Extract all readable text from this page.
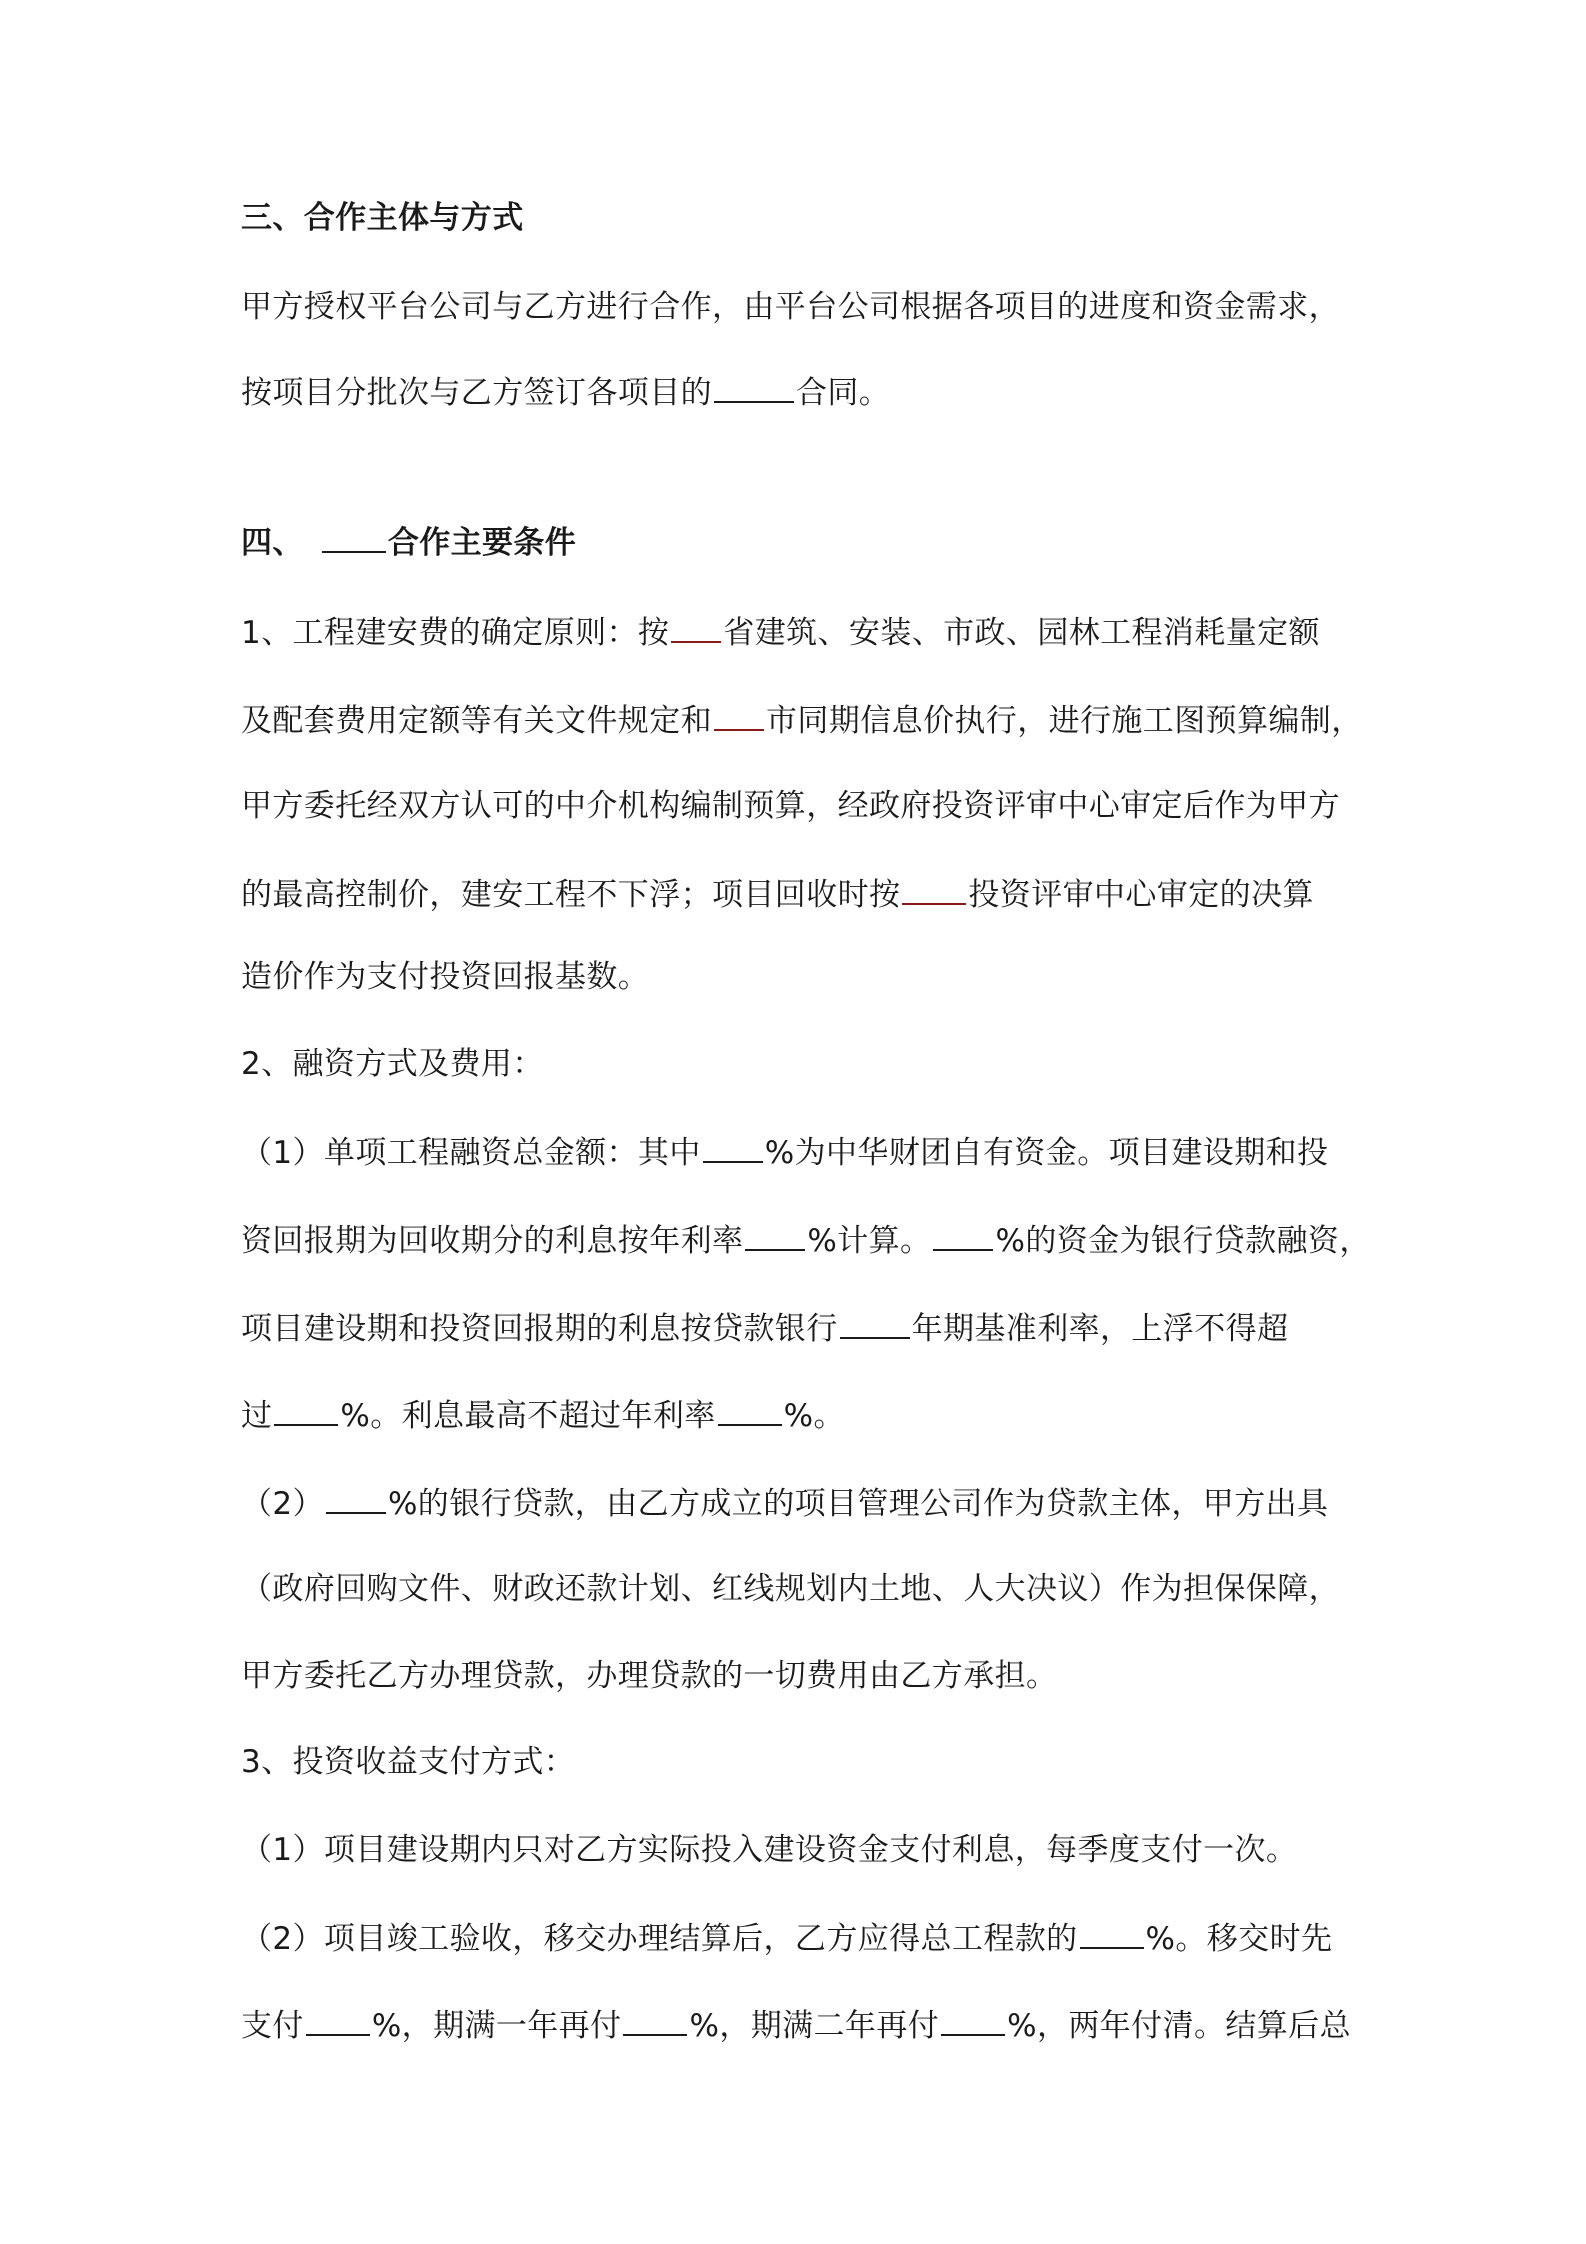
三、合作主体与方式
甲方授权平台公司与乙方进行合作，由平台公司根据各项目的进度和资金需求，
按项目分批次与乙方签订各项目的	合同。
四、	合作主要条件
1、工程建安费的确定原则：按 省建筑、安装、市政、园林工程消耗量定额
及配套费用定额等有关文件规定和 市同期信息价执行，进行施工图预算编制，
甲方委托经双方认可的中介机构编制预算，经政府投资评审中心审定后作为甲方
的最高控制价，建安工程不下浮；项目回收时按 投资评审中心审定的决算
造价作为支付投资回报基数。
2、融资方式及费用：
（1）单项工程融资总金额：其中 %为中华财团自有资金。项目建设期和投
资回报期为回收期分的利息按年利率 %计算。 %的资金为银行贷款融资，
项目建设期和投资回报期的利息按贷款银行 年期基准利率，上浮不得超
过 %。利息最高不超过年利率 %。
（2） %的银行贷款，由乙方成立的项目管理公司作为贷款主体，甲方出具
（政府回购文件、财政还款计划、红线规划内土地、人大决议）作为担保保障，
甲方委托乙方办理贷款，办理贷款的一切费用由乙方承担。
3、投资收益支付方式：
（1）项目建设期内只对乙方实际投入建设资金支付利息，每季度支付一次。
（2）项目竣工验收，移交办理结算后，乙方应得总工程款的 %。移交时先
支付 %，期满一年再付 %，期满二年再付 %，两年付清。结算后总
